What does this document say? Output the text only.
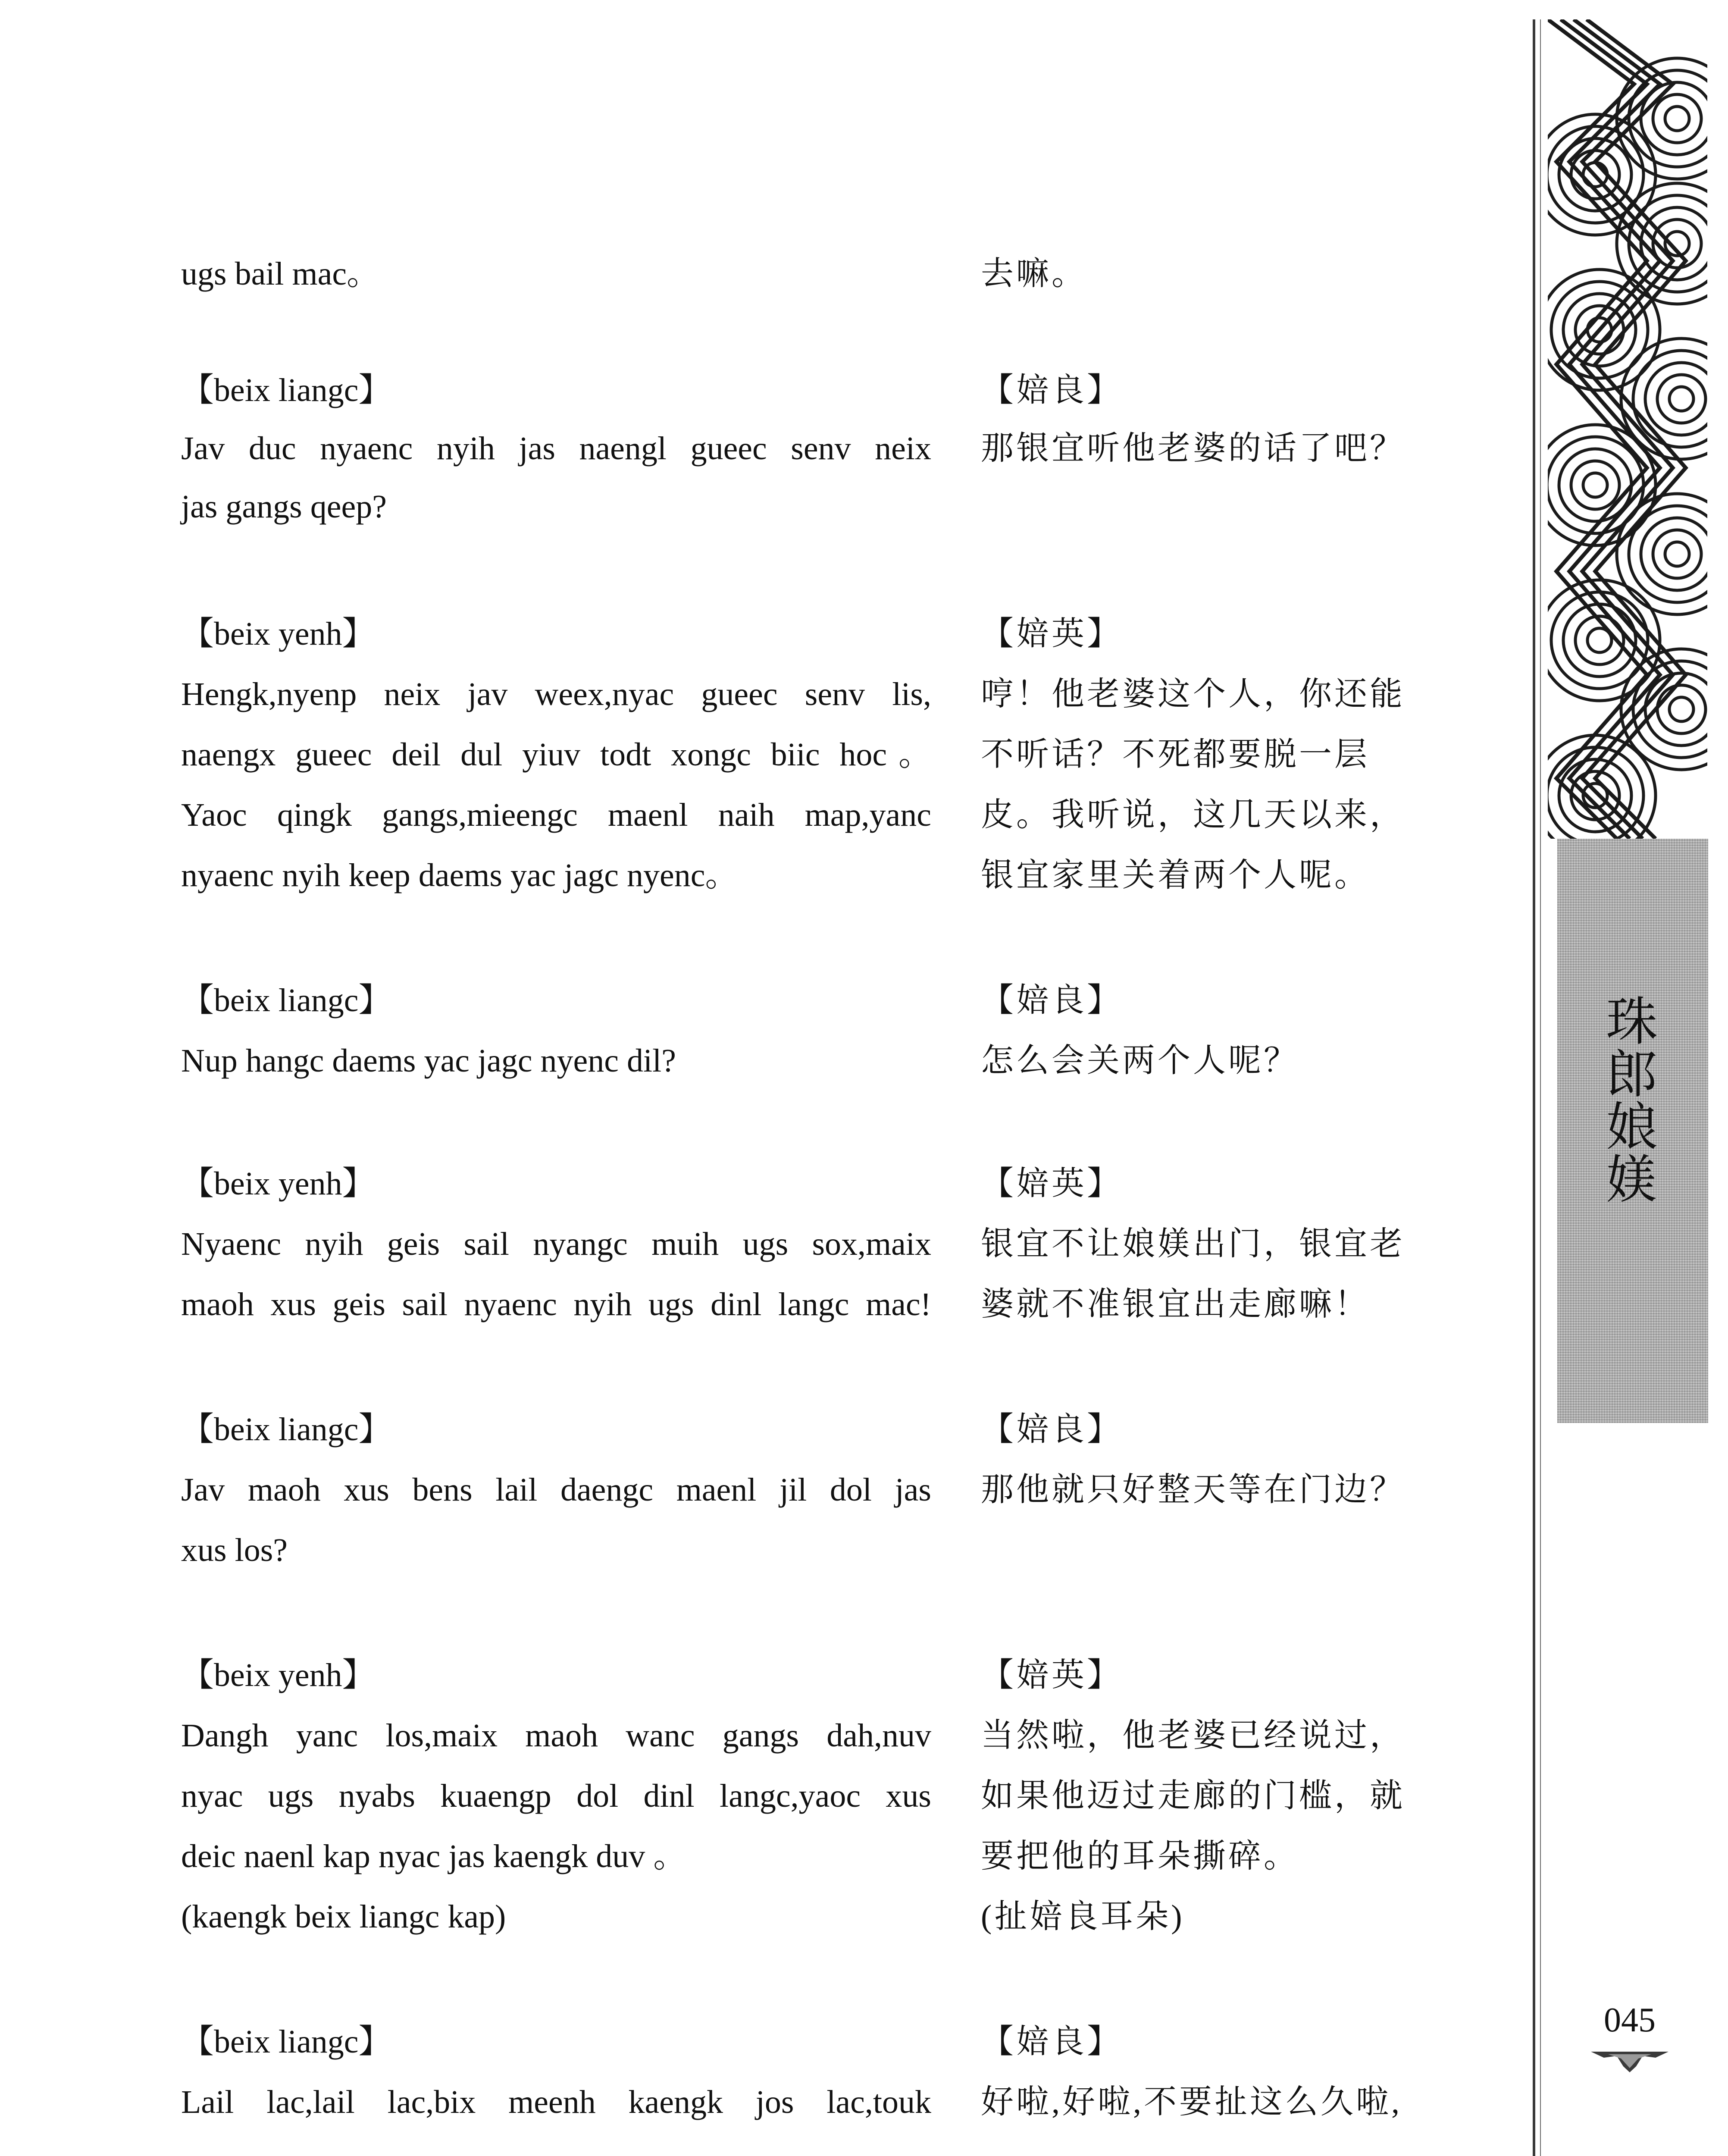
ugs bail mac。
【beix liangc】
Jav duc nyaenc nyih jas naengl gueec senv neix
jas gangs qeep?
【beix yenh】
Hengk,nyenp neix jav weex,nyac gueec senv lis,
naengx gueec deil dul yiuv todt xongc biic hoc。
Yaoc qingk gangs,mieengc maenl naih map,yanc
nyaenc nyih keep daems yac jagc nyenc。
【beix liangc】
Nup hangc daems yac jagc nyenc dil?
【beix yenh】
Nyaenc nyih geis sail nyangc muih ugs sox,maix
maoh xus geis sail nyaenc nyih ugs dinl langc mac!
【beix liangc】
Jav maoh xus bens lail daengc maenl jil dol jas
xus los?
【beix yenh】
Dangh yanc los,maix maoh wanc gangs dah,nuv
nyac ugs nyabs kuaengp dol dinl langc,yaoc xus
deic naenl kap nyac jas kaengk duv 。
(kaengk beix liangc kap)
【beix liangc】
Lail lac,lail lac,bix meenh kaengk jos lac,touk
去嘛。
【婄良】
那银宜听他老婆的话了吧？
【婄英】
哼！他老婆这个人，你还能
不听话？不死都要脱一层
皮。我听说，这几天以来，
银宜家里关着两个人呢。
【婄良】
怎么会关两个人呢？
【婄英】
银宜不让娘媄出门，银宜老
婆就不准银宜出走廊嘛！
【婄良】
那他就只好整天等在门边？
【婄英】
当然啦，他老婆已经说过，
如果他迈过走廊的门槛，就
要把他的耳朵撕碎。
(扯婄良耳朵)
【婄良】
好啦,好啦,不要扯这么久啦,
珠郎娘媄
045
